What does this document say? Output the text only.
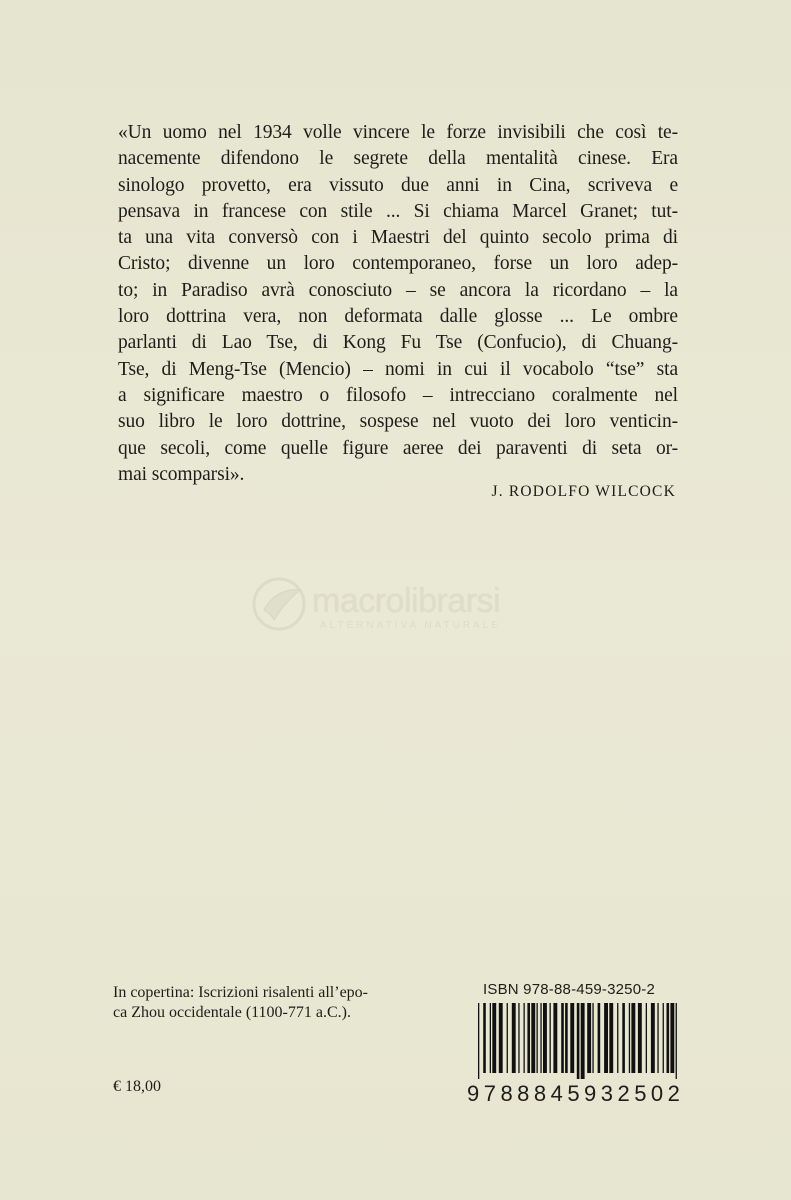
«Un uomo nel 1934 volle vincere le forze invisibili che così te-
nacemente difendono le segrete della mentalità cinese. Era
sinologo provetto, era vissuto due anni in Cina, scriveva e
pensava in francese con stile ... Si chiama Marcel Granet; tut-
ta una vita conversò con i Maestri del quinto secolo prima di
Cristo; divenne un loro contemporaneo, forse un loro adep-
to; in Paradiso avrà conosciuto – se ancora la ricordano – la
loro dottrina vera, non deformata dalle glosse ... Le ombre
parlanti di Lao Tse, di Kong Fu Tse (Confucio), di Chuang-
Tse, di Meng-Tse (Mencio) – nomi in cui il vocabolo “tse” sta
a significare maestro o filosofo – intrecciano coralmente nel
suo libro le loro dottrine, sospese nel vuoto dei loro venticin-
que secoli, come quelle figure aeree dei paraventi di seta or-
mai scomparsi».
J. RODOLFO WILCOCK
macrolibrarsi
ALTERNATIVA NATURALE
In copertina: Iscrizioni risalenti all’epo-
ca Zhou occidentale (1100-771 a.C.).
€ 18,00
ISBN 978-88-459-3250-2
9 7 8 8 8 4 5 9 3 2 5 0 2
